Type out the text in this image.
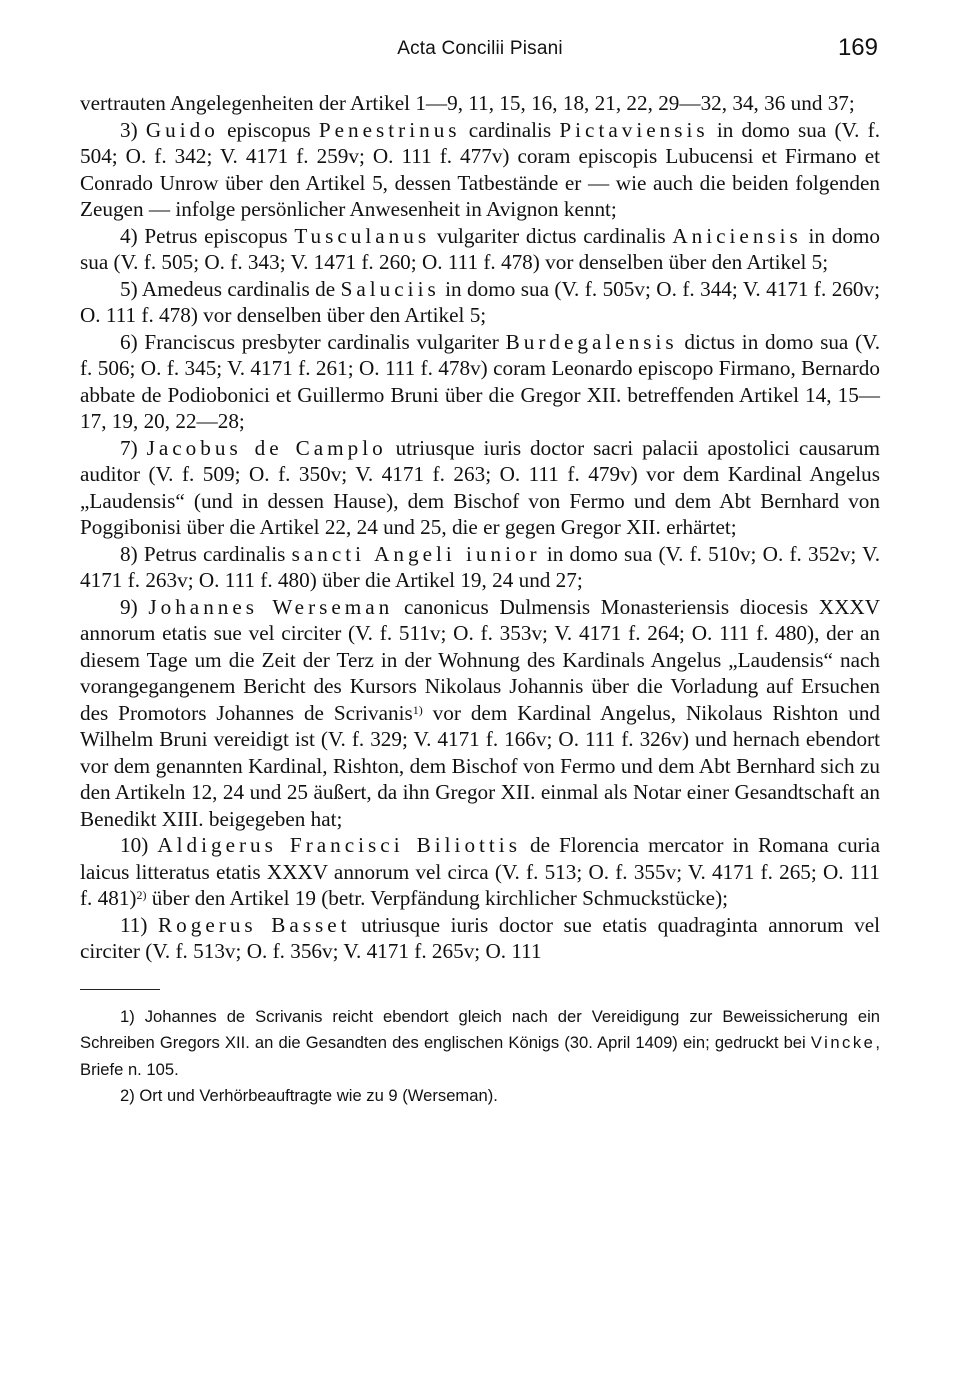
Acta Concilii Pisani	169

vertrauten Angelegenheiten der Artikel 1—9, 11, 15, 16, 18, 21, 22, 29—32, 34, 36 und 37;

3) Guido episcopus Penestrinus cardinalis Pictaviensis in domo sua (V. f. 504; O. f. 342; V. 4171 f. 259v; O. 111 f. 477v) coram episcopis Lubucensi et Firmano et Conrado Unrow über den Artikel 5, dessen Tatbestände er — wie auch die beiden folgenden Zeugen — infolge persönlicher Anwesenheit in Avignon kennt;

4) Petrus episcopus Tusculanus vulgariter dictus cardinalis Aniciensis in domo sua (V. f. 505; O. f. 343; V. 1471 f. 260; O. 111 f. 478) vor denselben über den Artikel 5;

5) Amedeus cardinalis de Saluciis in domo sua (V. f. 505v; O. f. 344; V. 4171 f. 260v; O. 111 f. 478) vor denselben über den Artikel 5;

6) Franciscus presbyter cardinalis vulgariter Burdegalensis dictus in domo sua (V. f. 506; O. f. 345; V. 4171 f. 261; O. 111 f. 478v) coram Leonardo episcopo Firmano, Bernardo abbate de Podiobonici et Guillermo Bruni über die Gregor XII. betreffenden Artikel 14, 15—17, 19, 20, 22—28;

7) Jacobus de Camplo utriusque iuris doctor sacri palacii apostolici causarum auditor (V. f. 509; O. f. 350v; V. 4171 f. 263; O. 111 f. 479v) vor dem Kardinal Angelus „Laudensis“ (und in dessen Hause), dem Bischof von Fermo und dem Abt Bernhard von Poggibonisi über die Artikel 22, 24 und 25, die er gegen Gregor XII. erhärtet;

8) Petrus cardinalis sancti Angeli iunior in domo sua (V. f. 510v; O. f. 352v; V. 4171 f. 263v; O. 111 f. 480) über die Artikel 19, 24 und 27;

9) Johannes Werseman canonicus Dulmensis Monasteriensis diocesis XXXV annorum etatis sue vel circiter (V. f. 511v; O. f. 353v; V. 4171 f. 264; O. 111 f. 480), der an diesem Tage um die Zeit der Terz in der Wohnung des Kardinals Angelus „Laudensis“ nach vorangegangenem Bericht des Kursors Nikolaus Johannis über die Vorladung auf Ersuchen des Promotors Johannes de Scrivanis$^{1)}$ vor dem Kardinal Angelus, Nikolaus Rishton und Wilhelm Bruni vereidigt ist (V. f. 329; V. 4171 f. 166v; O. 111 f. 326v) und hernach ebendort vor dem genannten Kardinal, Rishton, dem Bischof von Fermo und dem Abt Bernhard sich zu den Artikeln 12, 24 und 25 äußert, da ihn Gregor XII. einmal als Notar einer Gesandtschaft an Benedikt XIII. beigegeben hat;

10) Aldigerus Francisci Biliottis de Florencia mercator in Romana curia laicus litteratus etatis XXXV annorum vel circa (V. f. 513; O. f. 355v; V. 4171 f. 265; O. 111 f. 481)$^{2)}$ über den Artikel 19 (betr. Verpfändung kirchlicher Schmuckstücke);

11) Rogerus Basset utriusque iuris doctor sue etatis quadraginta annorum vel circiter (V. f. 513v; O. f. 356v; V. 4171 f. 265v; O. 111

1) Johannes de Scrivanis reicht ebendort gleich nach der Vereidigung zur Beweissicherung ein Schreiben Gregors XII. an die Gesandten des englischen Königs (30. April 1409) ein; gedruckt bei Vincke, Briefe n. 105.

2) Ort und Verhörbeauftragte wie zu 9 (Werseman).
